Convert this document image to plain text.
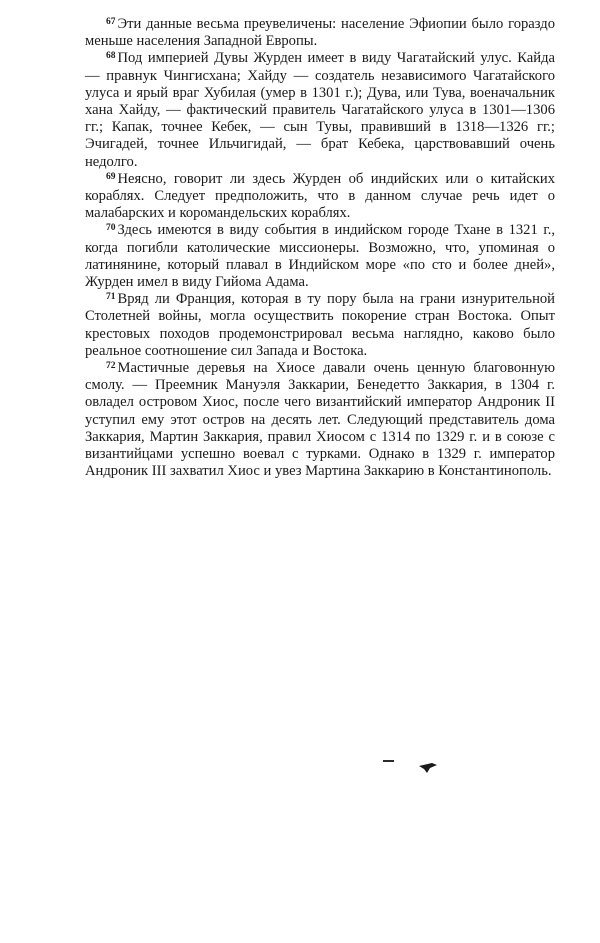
$^{67}$ Эти данные весьма преувеличены: население Эфиопии было гораздо меньше населения Западной Европы.

$^{68}$ Под империей Дувы Журден имеет в виду Чагатайский улус. Кайда — правнук Чингисхана; Хайду — создатель независимого Чагатайского улуса и ярый враг Хубилая (умер в 1301 г.); Дува, или Тува, военачальник хана Хайду, — фактический правитель Чагатайского улуса в 1301—1306 гг.; Капак, точнее Кебек, — сын Тувы, правивший в 1318—1326 гг.; Эчигадей, точнее Ильчигидай, — брат Кебека, царствовавший очень недолго.

$^{69}$ Неясно, говорит ли здесь Журден об индийских или о китайских кораблях. Следует предположить, что в данном случае речь идет о малабарских и коромандельских кораблях.

$^{70}$ Здесь имеются в виду события в индийском городе Тхане в 1321 г., когда погибли католические миссионеры. Возможно, что, упоминая о латинянине, который плавал в Индийском море «по сто и более дней», Журден имел в виду Гийома Адама.

$^{71}$ Вряд ли Франция, которая в ту пору была на грани изнурительной Столетней войны, могла осуществить покорение стран Востока. Опыт крестовых походов продемонстрировал весьма наглядно, каково было реальное соотношение сил Запада и Востока.

$^{72}$ Мастичные деревья на Хиосе давали очень ценную благовонную смолу. — Преемник Мануэля Заккарии, Бенедетто Заккария, в 1304 г. овладел островом Хиос, после чего византийский император Андроник II уступил ему этот остров на десять лет. Следующий представитель дома Заккария, Мартин Заккария, правил Хиосом с 1314 по 1329 г. и в союзе с византийцами успешно воевал с турками. Однако в 1329 г. император Андроник III захватил Хиос и увез Мартина Заккарию в Константинополь.
